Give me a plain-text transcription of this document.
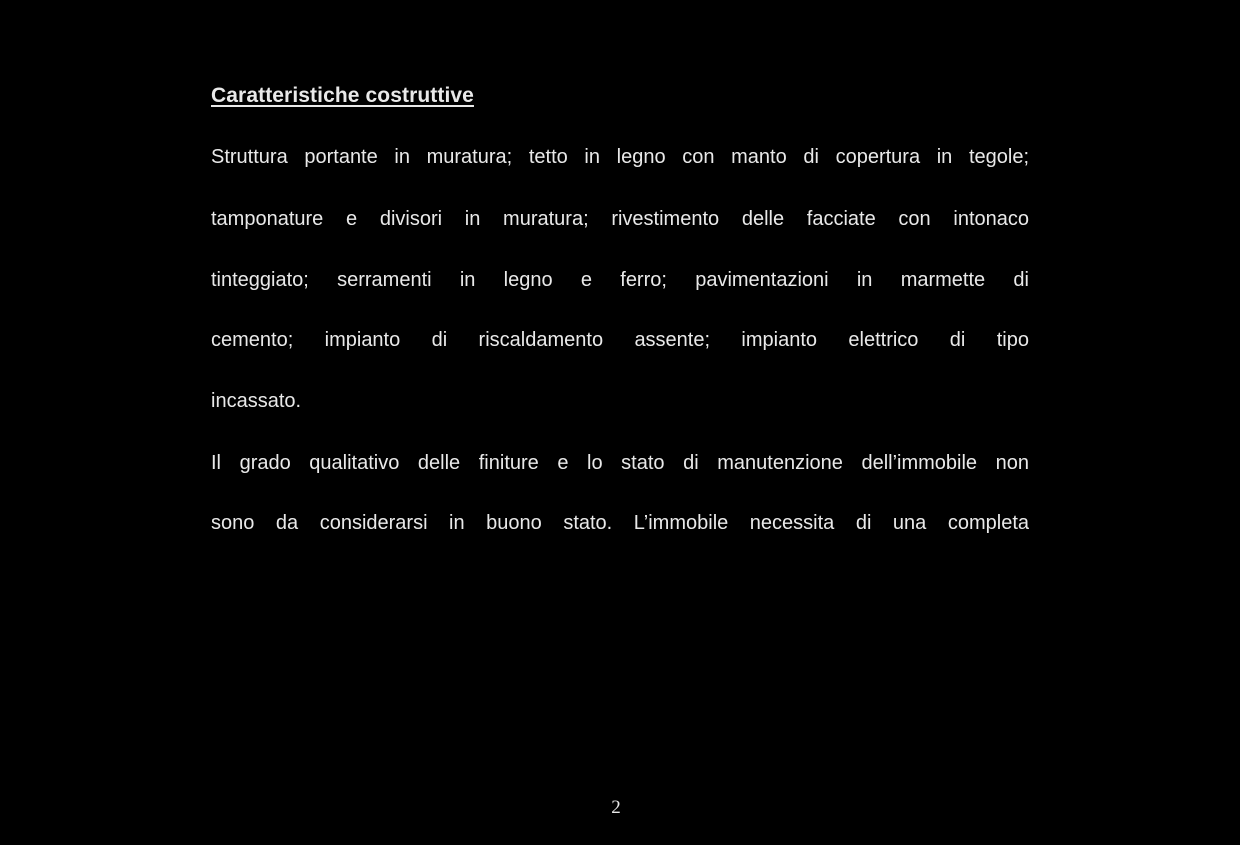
Caratteristiche costruttive
Struttura portante in muratura; tetto in legno con manto di copertura in tegole;
tamponature e divisori in muratura; rivestimento delle facciate con intonaco
tinteggiato; serramenti in legno e ferro; pavimentazioni in marmette di
cemento; impianto di riscaldamento assente; impianto elettrico di tipo
incassato.
Il grado qualitativo delle finiture e lo stato di manutenzione dell’immobile non
sono da considerarsi in buono stato. L’immobile necessita di una completa
2
